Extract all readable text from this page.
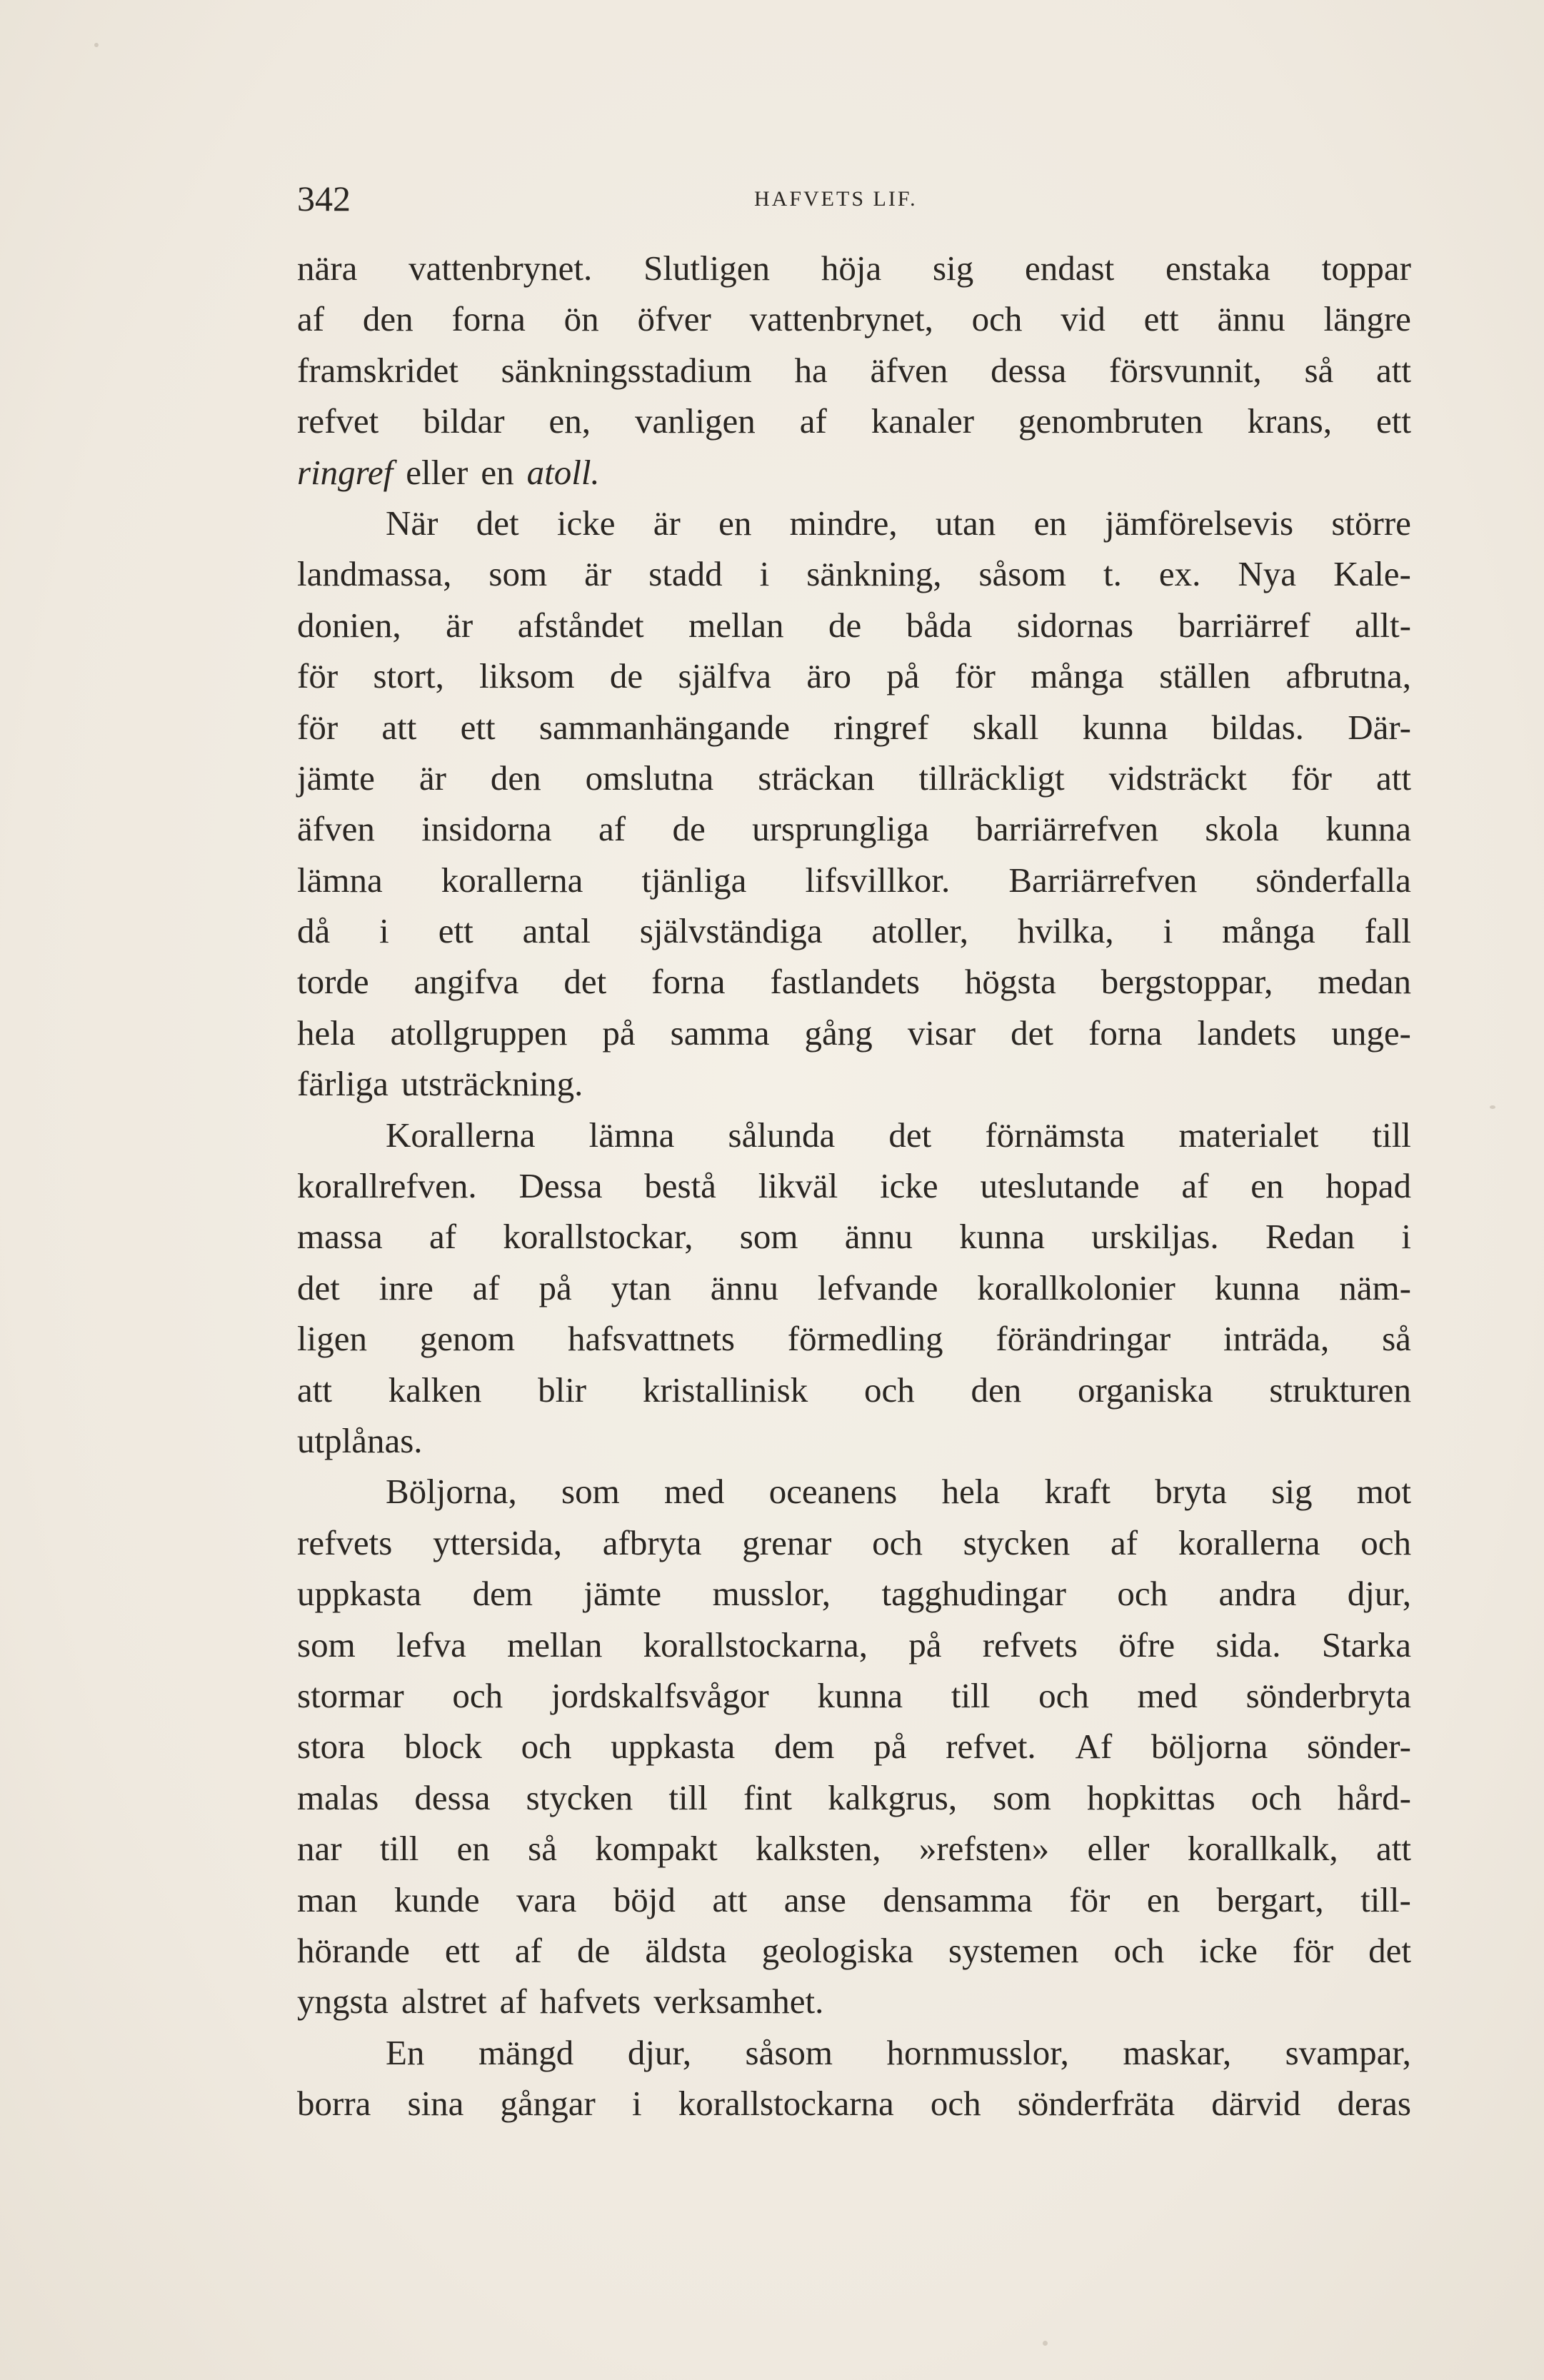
342	HAFVETS LIF.
nära vattenbrynet. Slutligen höja sig endast enstaka toppar
af den forna ön öfver vattenbrynet, och vid ett ännu längre
framskridet sänkningsstadium ha äfven dessa försvunnit, så att
refvet bildar en, vanligen af kanaler genombruten krans, ett
ringref eller en atoll.
När det icke är en mindre, utan en jämförelsevis större
landmassa, som är stadd i sänkning, såsom t. ex. Nya Kale-
donien, är afståndet mellan de båda sidornas barriärref allt-
för stort, liksom de själfva äro på för många ställen afbrutna,
för att ett sammanhängande ringref skall kunna bildas. Där-
jämte är den omslutna sträckan tillräckligt vidsträckt för att
äfven insidorna af de ursprungliga barriärrefven skola kunna
lämna korallerna tjänliga lifsvillkor. Barriärrefven sönderfalla
då i ett antal självständiga atoller, hvilka, i många fall
torde angifva det forna fastlandets högsta bergstoppar, medan
hela atollgruppen på samma gång visar det forna landets unge-
färliga utsträckning.
Korallerna lämna sålunda det förnämsta materialet till
korallrefven. Dessa bestå likväl icke uteslutande af en hopad
massa af korallstockar, som ännu kunna urskiljas. Redan i
det inre af på ytan ännu lefvande korallkolonier kunna näm-
ligen genom hafsvattnets förmedling förändringar inträda, så
att kalken blir kristallinisk och den organiska strukturen
utplånas.
Böljorna, som med oceanens hela kraft bryta sig mot
refvets yttersida, afbryta grenar och stycken af korallerna och
uppkasta dem jämte musslor, tagghudingar och andra djur,
som lefva mellan korallstockarna, på refvets öfre sida. Starka
stormar och jordskalfsvågor kunna till och med sönderbryta
stora block och uppkasta dem på refvet. Af böljorna sönder-
malas dessa stycken till fint kalkgrus, som hopkittas och hård-
nar till en så kompakt kalksten, »refsten» eller korallkalk, att
man kunde vara böjd att anse densamma för en bergart, till-
hörande ett af de äldsta geologiska systemen och icke för det
yngsta alstret af hafvets verksamhet.
En mängd djur, såsom hornmusslor, maskar, svampar,
borra sina gångar i korallstockarna och sönderfräta därvid deras
